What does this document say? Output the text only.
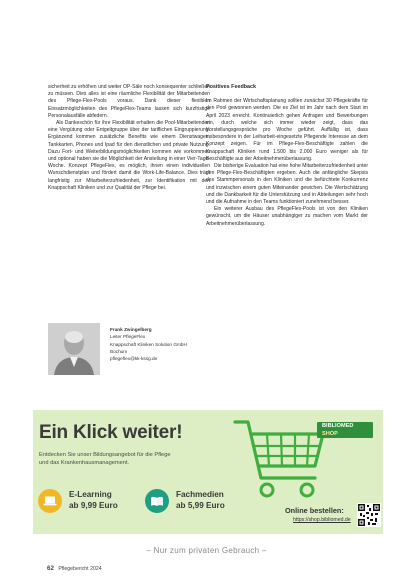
sicherheit zu erhöhen und weiter OP-Säle noch konsequenter schließen zu müssen. Dies alles ist eine räumliche Flexibilität der Mitarbeitenden des Pflege-Flex-Pools voraus. Dank dieser flexiblen Einsatzmöglichkeiten des PflegeFlex-Teams lassen sich kurzfristige Personalausfälle abfedern.

Als Dankeschön für ihre Flexibilität erhalten die Pool-Mitarbeitenden eine Vergütung oder Entgeltgruppe über der tariflichen Eingruppierung. Ergänzend kommen zusätzliche Benefits wie einem Dienstwagen, Tankkarten, Phones und Ipad für den dienstlichen und private Nutzung. Dazu Fort- und Weiterbildungsmöglichkeiten kommen wie vorkommen und optional haben sie die Möglichkeit der Anstellung in einer Vier-Tage-Woche. Konzept PflegeFlex, es möglich, ihnen einen individuellen Wunschdienstplan und fördert damit die Work-Life-Balance. Dies trägt langfristig zur Mitarbeiterzufriedenheit, zur Identifikation mit den Knappschaft Kliniken und zur Qualität der Pflege bei.

Positives Feedback

Im Rahmen der Wirtschaftsplanung sollten zunächst 30 Pflegekräfte für den Pool gewonnen werden. Die es Ziel ist im Jahr nach dem Start im April 2023 erreicht. Kontinuierlich gehen Anfragen und Bewerbungen ein, durch welche sich immer wieder zeigt, dass das Vorstellungsgespräche pro Woche geführt. Auffällig ist, dass insbesondere in der Leiharbeit-eingesetzte Pflegende Interesse an dem Konzept zeigen. Für im Pflege-Flex-Beschäftigte zahlen die Knappschaft Kliniken rund 1.500 bis 2.000 Euro weniger als für Beschäftigte aus der Arbeitnehmerüberlassung.

Die bisherige Evaluation hat eine hohe Mitarbeiterzufriedenheit unter den Pflege-Flex-Beschäftigten ergeben. Auch die anfängliche Skepsis des Stammpersonals in den Kliniken und die befürchtete Konkurrenz und inzwischen einem guten Miteinander gewichen. Die Wertschätzung und die Dankbarkeit für die Unterstützung und in Abteilungen sehr hoch und die Aufnahme in den Teams funktioniert zunehmend besser.

Ein weiterer Ausbau des PflegeFlex-Pools ist von den Kliniken gewünscht, um die Häuser unabhängiger zu machen vom Markt der Arbeitnehmerüberlassung.

Frank Zwingelberg
Leiter PflegeFlex
Knappschaft Kliniken Solution GmbH
Bochum
pflegeflex@kk-kssg.de
Ein Klick weiter!
Entdecken Sie unser Bildungsangebot für die Pflege
und das Krankenhausmanagement.
E-Learning
ab 9,99 Euro
Fachmedien
ab 5,99 Euro
BIBLIOMED
SHOP
Online bestellen:
https://shop.bibliomed.de
– Nur zum privaten Gebrauch –
62 Pflegebericht 2024
